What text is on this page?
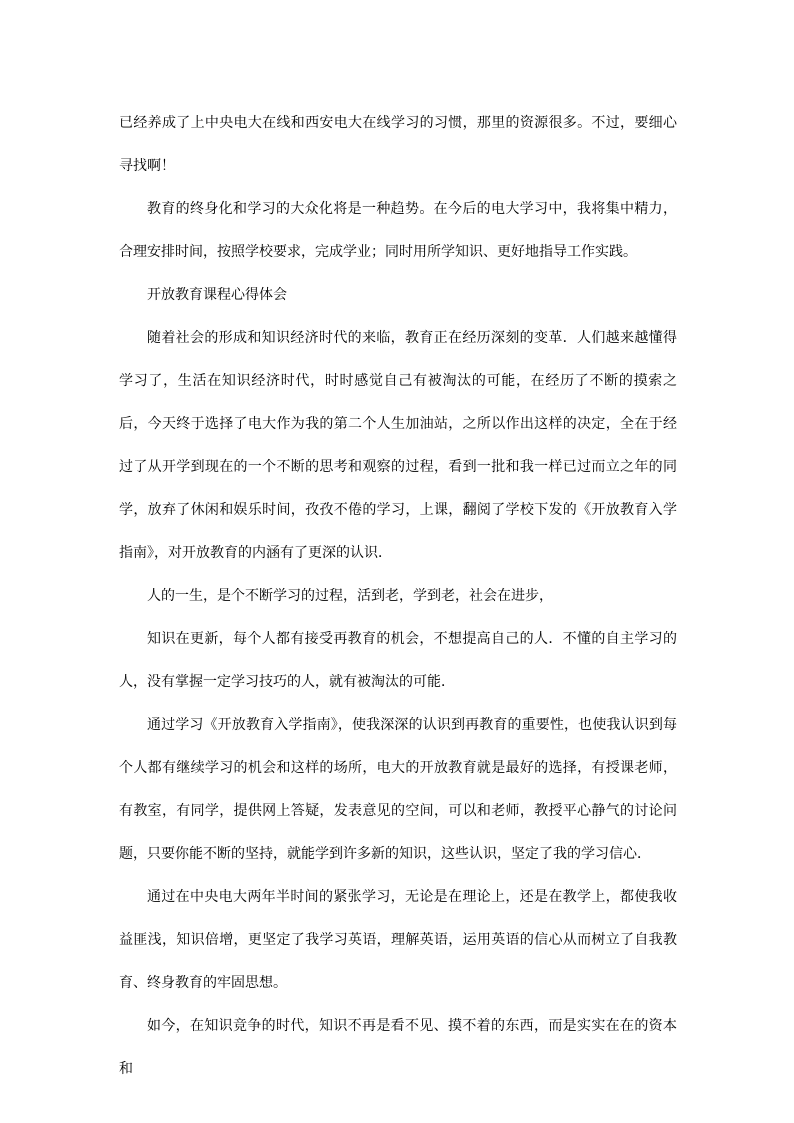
已经养成了上中央电大在线和西安电大在线学习的习惯，那里的资源很多。不过，要细心寻找啊！

教育的终身化和学习的大众化将是一种趋势。在今后的电大学习中，我将集中精力，合理安排时间，按照学校要求，完成学业；同时用所学知识、更好地指导工作实践。

开放教育课程心得体会

随着社会的形成和知识经济时代的来临，教育正在经历深刻的变革．人们越来越懂得学习了，生活在知识经济时代，时时感觉自己有被淘汰的可能，在经历了不断的摸索之后，今天终于选择了电大作为我的第二个人生加油站，之所以作出这样的决定，全在于经过了从开学到现在的一个不断的思考和观察的过程，看到一批和我一样已过而立之年的同学，放弃了休闲和娱乐时间，孜孜不倦的学习，上课，翻阅了学校下发的《开放教育入学指南》，对开放教育的内涵有了更深的认识．

人的一生，是个不断学习的过程，活到老，学到老，社会在进步，

知识在更新，每个人都有接受再教育的机会，不想提高自己的人．不懂的自主学习的人，没有掌握一定学习技巧的人，就有被淘汰的可能．

通过学习《开放教育入学指南》，使我深深的认识到再教育的重要性，也使我认识到每个人都有继续学习的机会和这样的场所，电大的开放教育就是最好的选择，有授课老师，有教室，有同学，提供网上答疑，发表意见的空间，可以和老师，教授平心静气的讨论问题，只要你能不断的坚持，就能学到许多新的知识，这些认识，坚定了我的学习信心．

通过在中央电大两年半时间的紧张学习，无论是在理论上，还是在教学上，都使我收益匪浅，知识倍增，更坚定了我学习英语，理解英语，运用英语的信心从而树立了自我教育、终身教育的牢固思想。

如今，在知识竞争的时代，知识不再是看不见、摸不着的东西，而是实实在在的资本和
